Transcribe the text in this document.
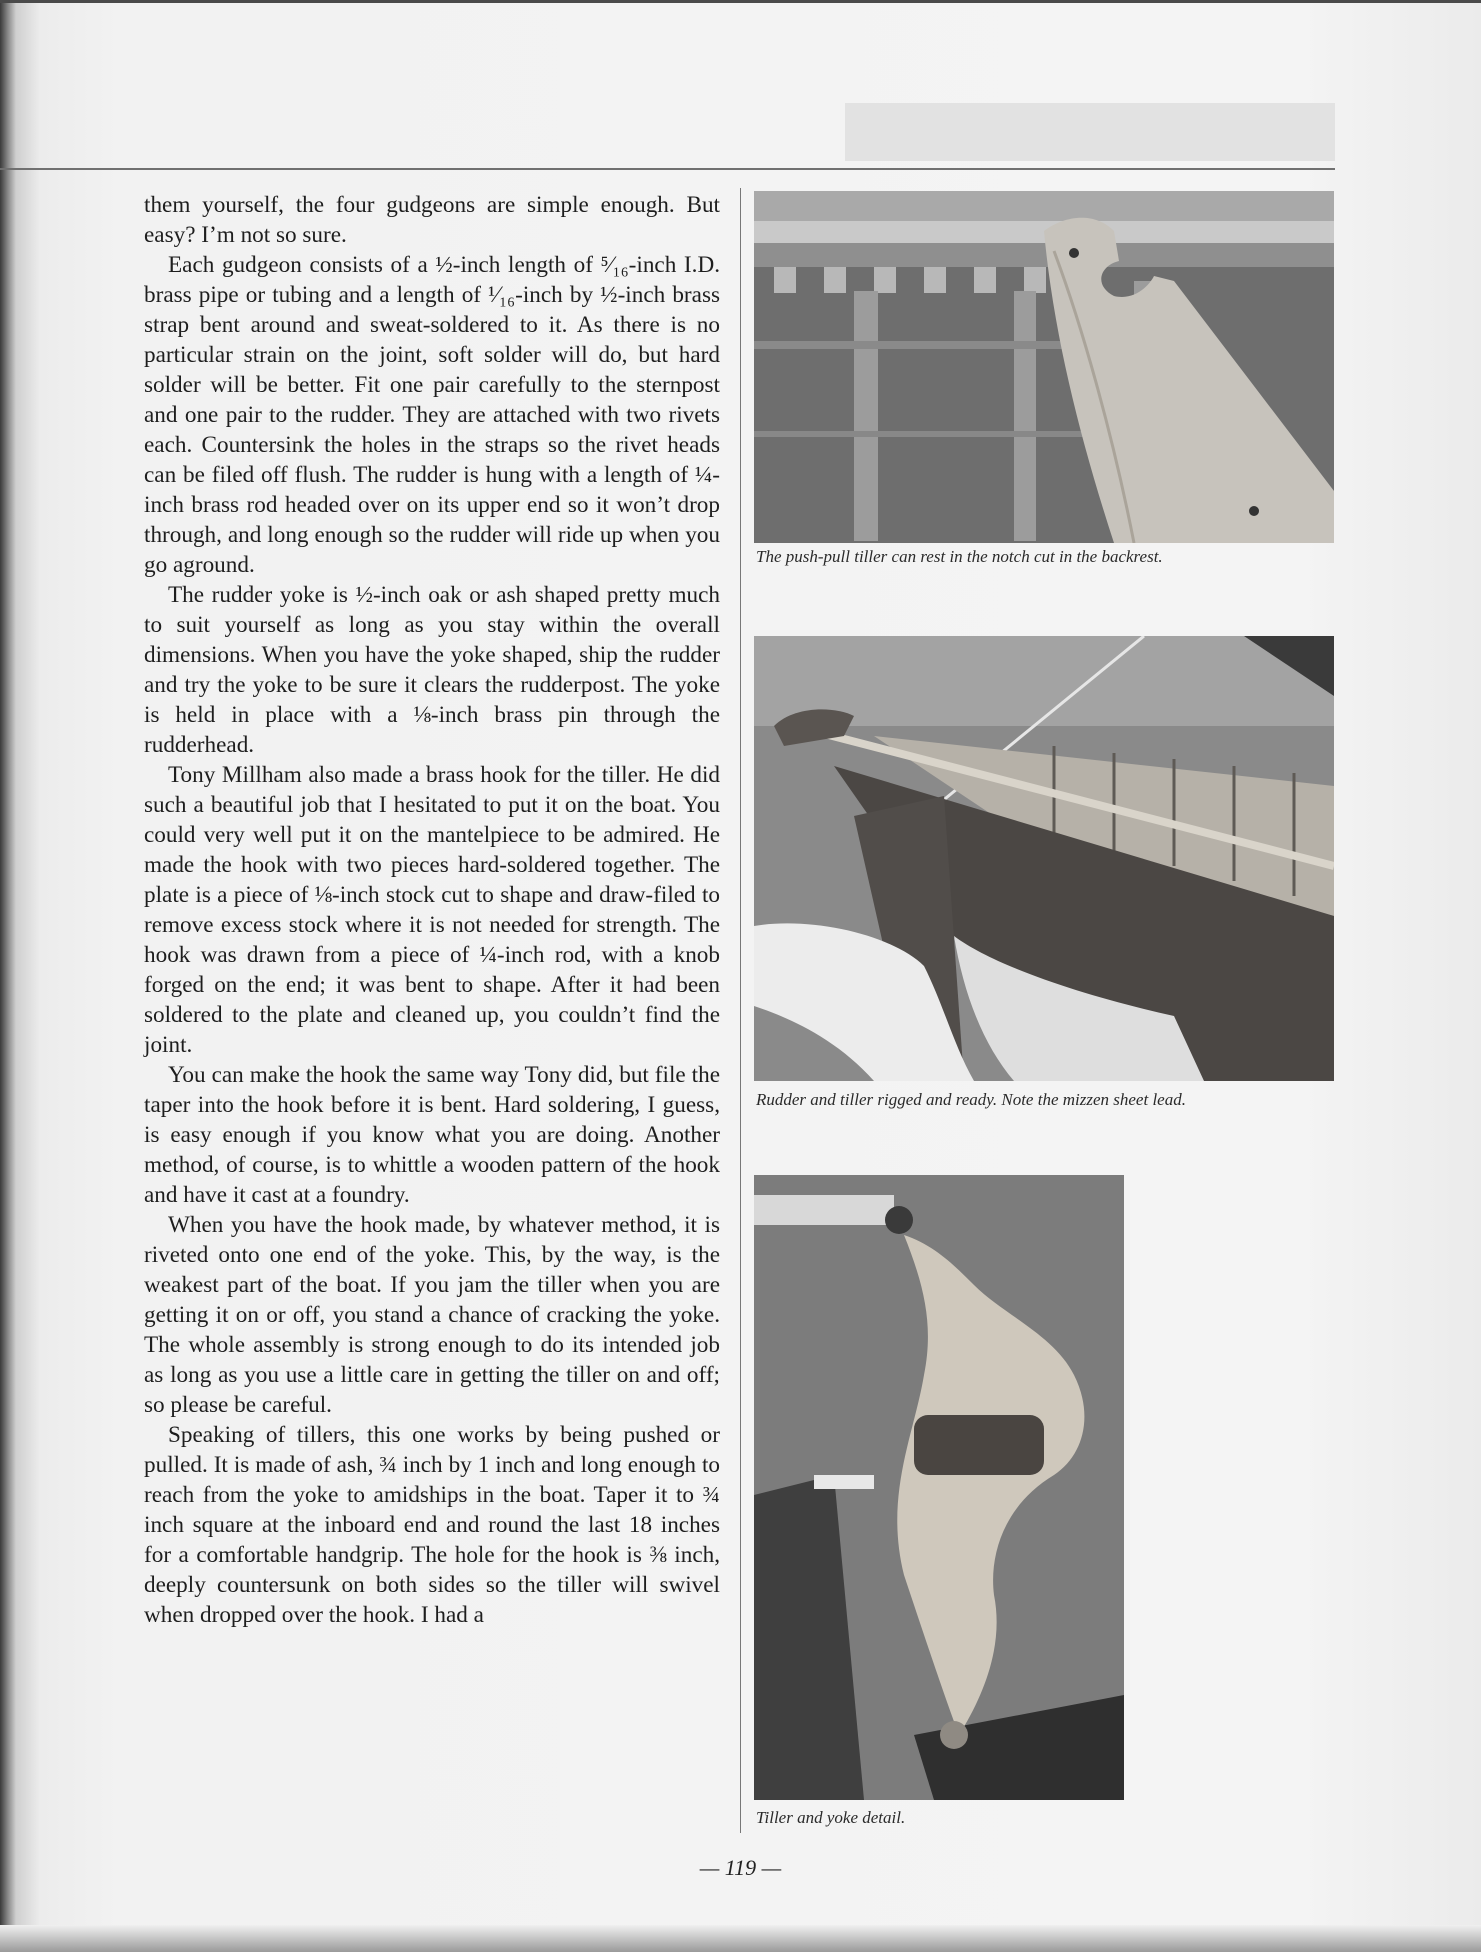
them yourself, the four gudgeons are simple enough. But easy? I’m not so sure.

Each gudgeon consists of a ½-inch length of ⁵⁄₁₆-inch I.D. brass pipe or tubing and a length of ¹⁄₁₆-inch by ½-inch brass strap bent around and sweat-soldered to it. As there is no particular strain on the joint, soft solder will do, but hard solder will be better. Fit one pair carefully to the sternpost and one pair to the rudder. They are attached with two rivets each. Countersink the holes in the straps so the rivet heads can be filed off flush. The rudder is hung with a length of ¼-inch brass rod headed over on its upper end so it won’t drop through, and long enough so the rudder will ride up when you go aground.

The rudder yoke is ½-inch oak or ash shaped pretty much to suit yourself as long as you stay within the overall dimensions. When you have the yoke shaped, ship the rudder and try the yoke to be sure it clears the rudderpost. The yoke is held in place with a ⅛-inch brass pin through the rudderhead.

Tony Millham also made a brass hook for the tiller. He did such a beautiful job that I hesitated to put it on the boat. You could very well put it on the mantelpiece to be admired. He made the hook with two pieces hard-soldered together. The plate is a piece of ⅛-inch stock cut to shape and draw-filed to remove excess stock where it is not needed for strength. The hook was drawn from a piece of ¼-inch rod, with a knob forged on the end; it was bent to shape. After it had been soldered to the plate and cleaned up, you couldn’t find the joint.

You can make the hook the same way Tony did, but file the taper into the hook before it is bent. Hard soldering, I guess, is easy enough if you know what you are doing. Another method, of course, is to whittle a wooden pattern of the hook and have it cast at a foundry.

When you have the hook made, by whatever method, it is riveted onto one end of the yoke. This, by the way, is the weakest part of the boat. If you jam the tiller when you are getting it on or off, you stand a chance of cracking the yoke. The whole assembly is strong enough to do its intended job as long as you use a little care in getting the tiller on and off; so please be careful.

Speaking of tillers, this one works by being pushed or pulled. It is made of ash, ¾ inch by 1 inch and long enough to reach from the yoke to amidships in the boat. Taper it to ¾ inch square at the inboard end and round the last 18 inches for a comfortable handgrip. The hole for the hook is ⅜ inch, deeply countersunk on both sides so the tiller will swivel when dropped over the hook. I had a

The push-pull tiller can rest in the notch cut in the backrest.
Rudder and tiller rigged and ready. Note the mizzen sheet lead.
Tiller and yoke detail.
— 119 —
